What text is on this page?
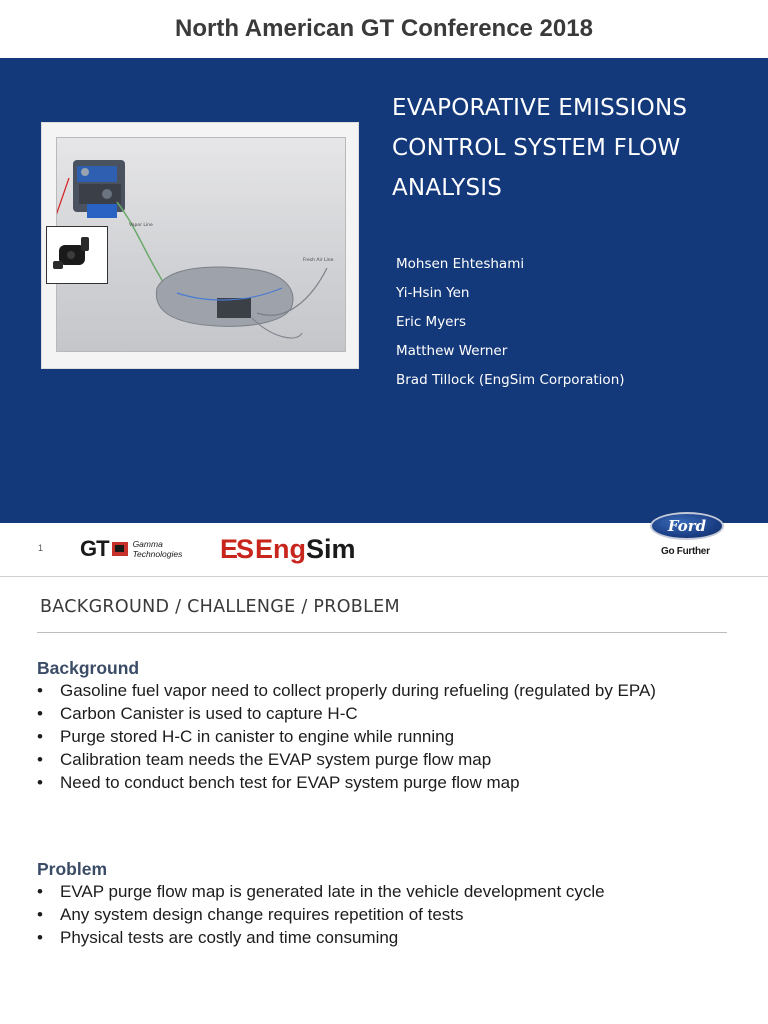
North American GT Conference 2018
Vapor Line
Fresh Air Line
EVAPORATIVE EMISSIONS
CONTROL SYSTEM FLOW
ANALYSIS
Mohsen Ehteshami
Yi-Hsin Yen
Eric Myers
Matthew Werner
Brad Tillock (EngSim Corporation)
1 GT	Gamma
Technologies ES EngSim
Ford
Go Further
BACKGROUND / CHALLENGE / PROBLEM
Background
• Gasoline fuel vapor need to collect properly during refueling (regulated by EPA)
• Carbon Canister is used to capture H-C
• Purge stored H-C in canister to engine while running
• Calibration team needs the EVAP system purge flow map
• Need to conduct bench test for EVAP system purge flow map
Problem
• EVAP purge flow map is generated late in the vehicle development cycle
• Any system design change requires repetition of tests
• Physical tests are costly and time consuming
